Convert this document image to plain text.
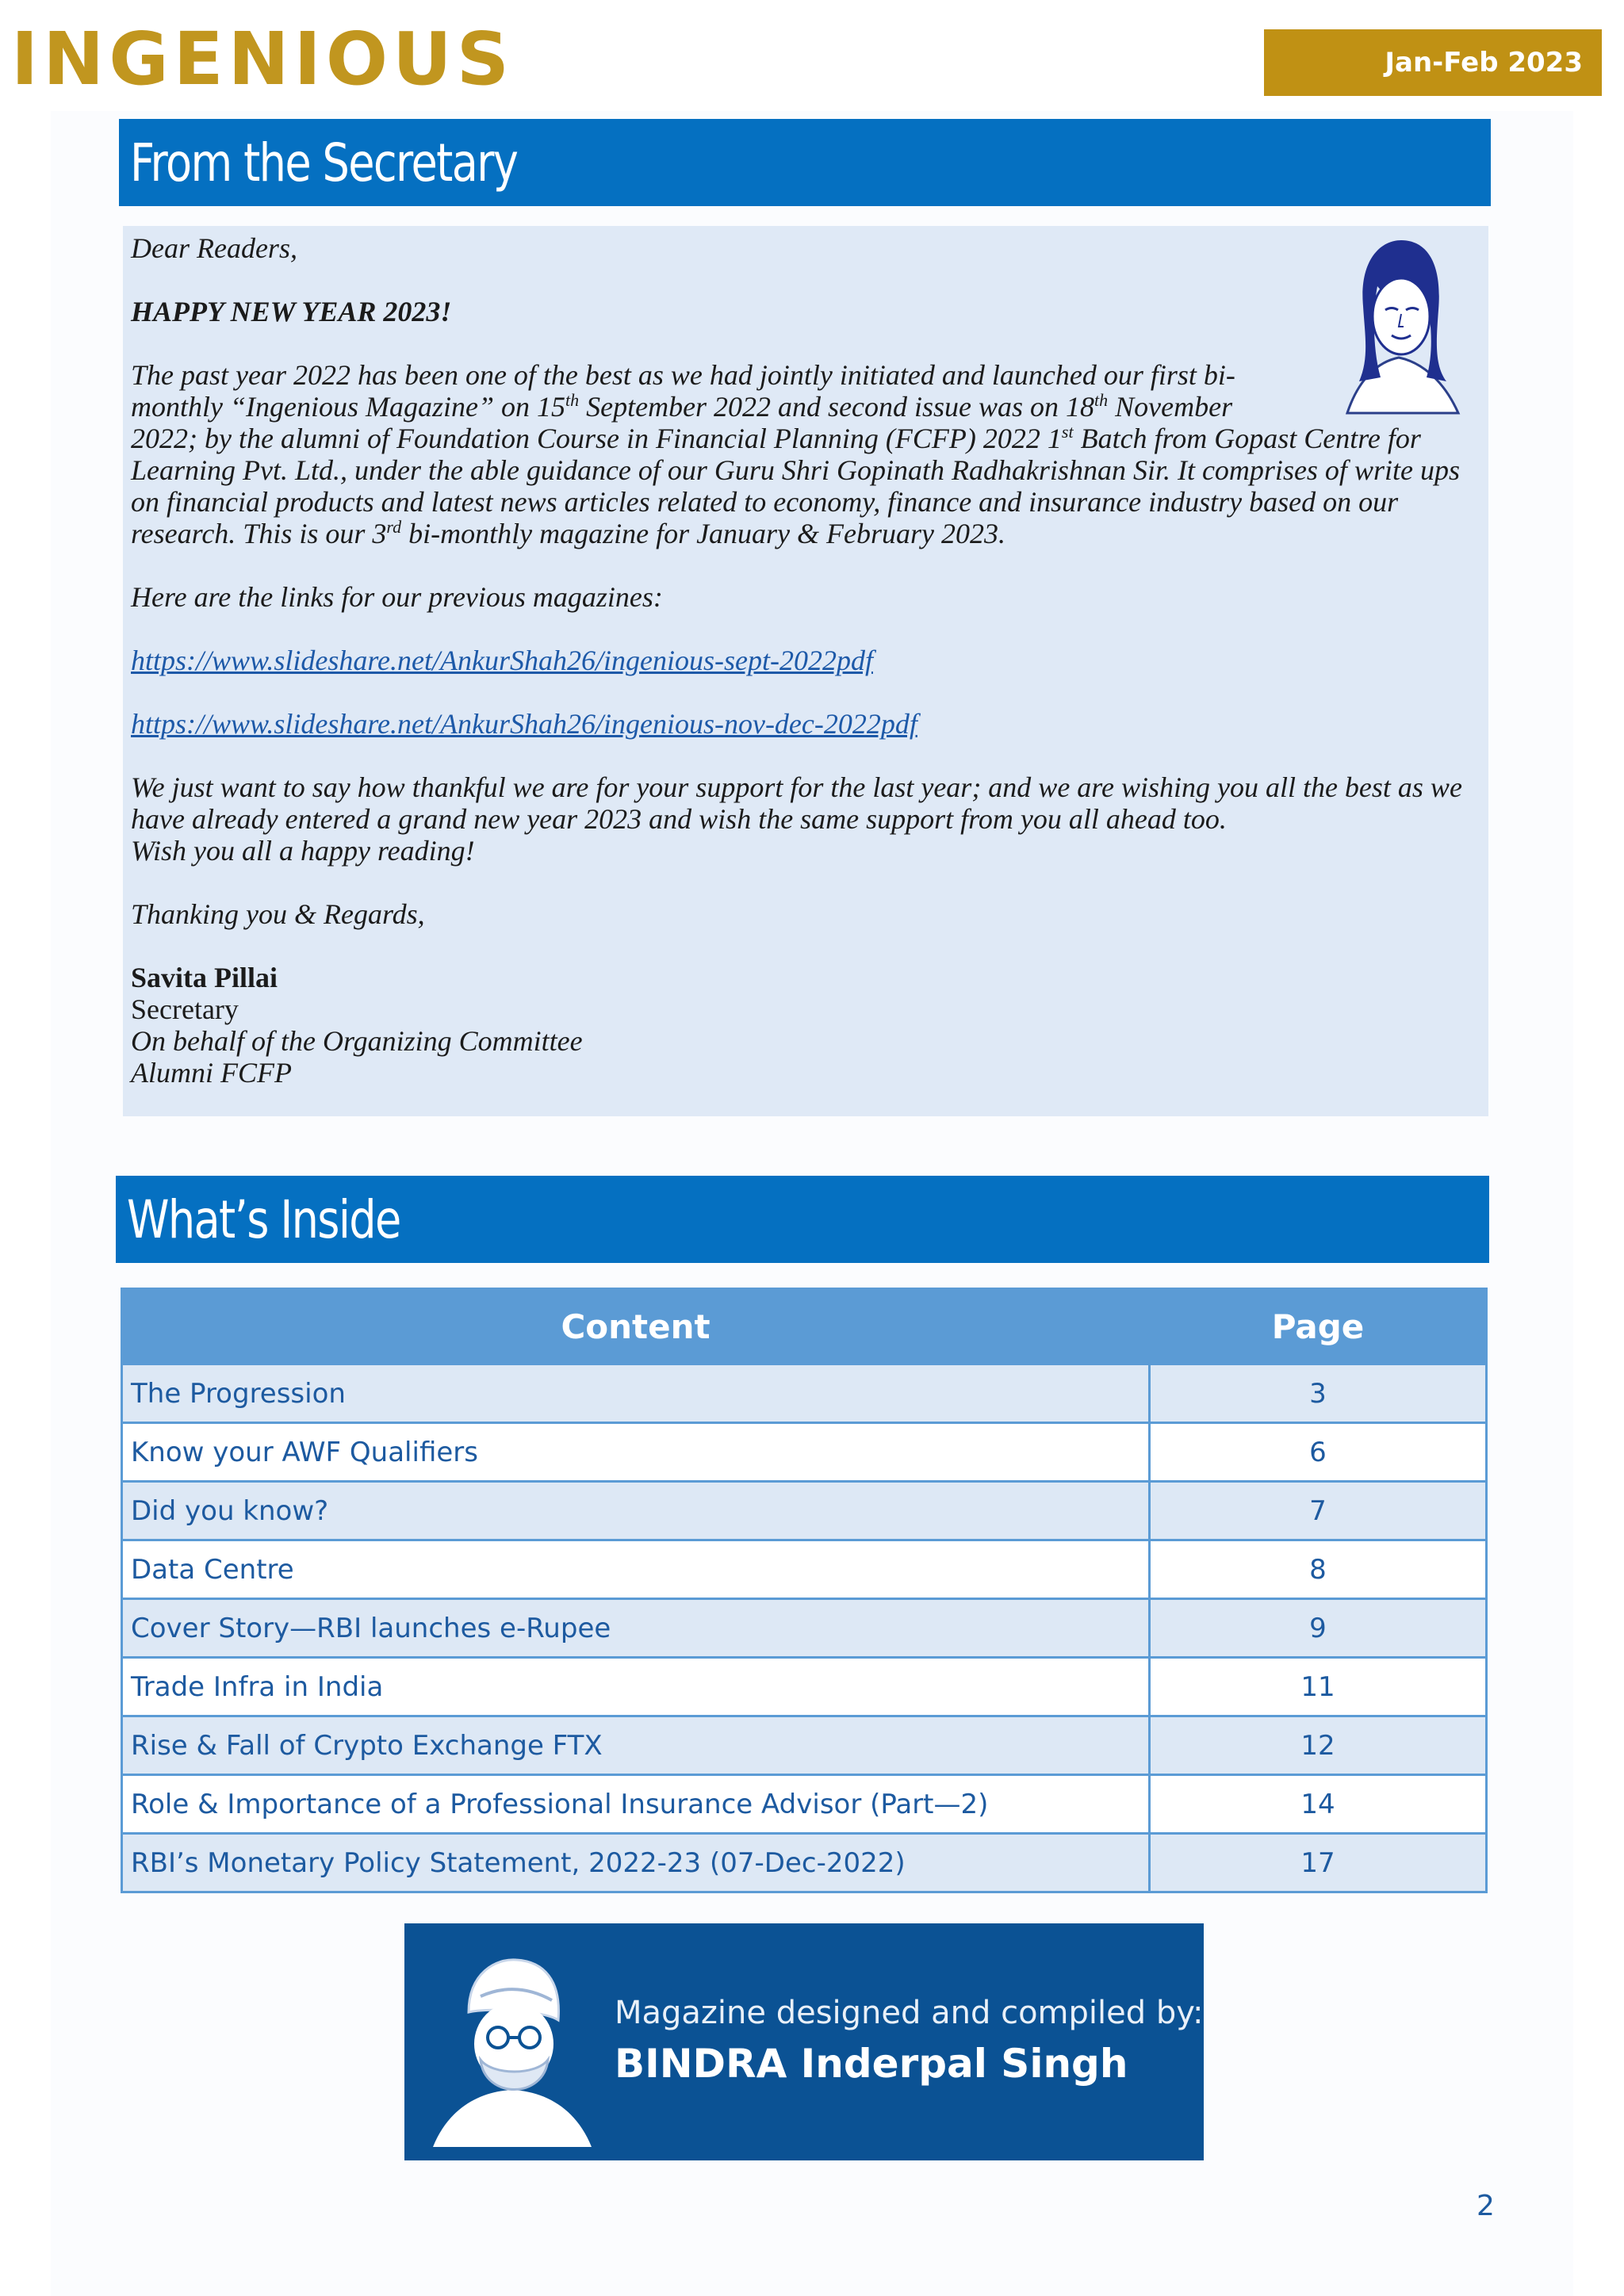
INGENIOUS	Jan-Feb 2023
From the Secretary

Dear Readers,

HAPPY NEW YEAR 2023!

The past year 2022 has been one of the best as we had jointly initiated and launched our first bi-monthly “Ingenious Magazine” on 15th September 2022 and second issue was on 18th November 2022; by the alumni of Foundation Course in Financial Planning (FCFP) 2022 1st Batch from Gopast Centre for Learning Pvt. Ltd., under the able guidance of our Guru Shri Gopinath Radhakrishnan Sir. It comprises of write ups on financial products and latest news articles related to economy, finance and insurance industry based on our research. This is our 3rd bi-monthly magazine for January & February 2023.

Here are the links for our previous magazines:

https://www.slideshare.net/AnkurShah26/ingenious-sept-2022pdf

https://www.slideshare.net/AnkurShah26/ingenious-nov-dec-2022pdf

We just want to say how thankful we are for your support for the last year; and we are wishing you all the best as we have already entered a grand new year 2023 and wish the same support from you all ahead too.

Wish you all a happy reading!

Thanking you & Regards,

Savita Pillai

Secretary

On behalf of the Organizing Committee

Alumni FCFP

What’s Inside
Content	Page
The Progression	3
Know your AWF Qualifiers	6
Did you know?	7
Data Centre	8
Cover Story—RBI launches e-Rupee	9
Trade Infra in India	11
Rise & Fall of Crypto Exchange FTX	12
Role & Importance of a Professional Insurance Advisor (Part—2)	14
RBI’s Monetary Policy Statement, 2022-23 (07-Dec-2022)	17
Magazine designed and compiled by:
BINDRA Inderpal Singh
2
